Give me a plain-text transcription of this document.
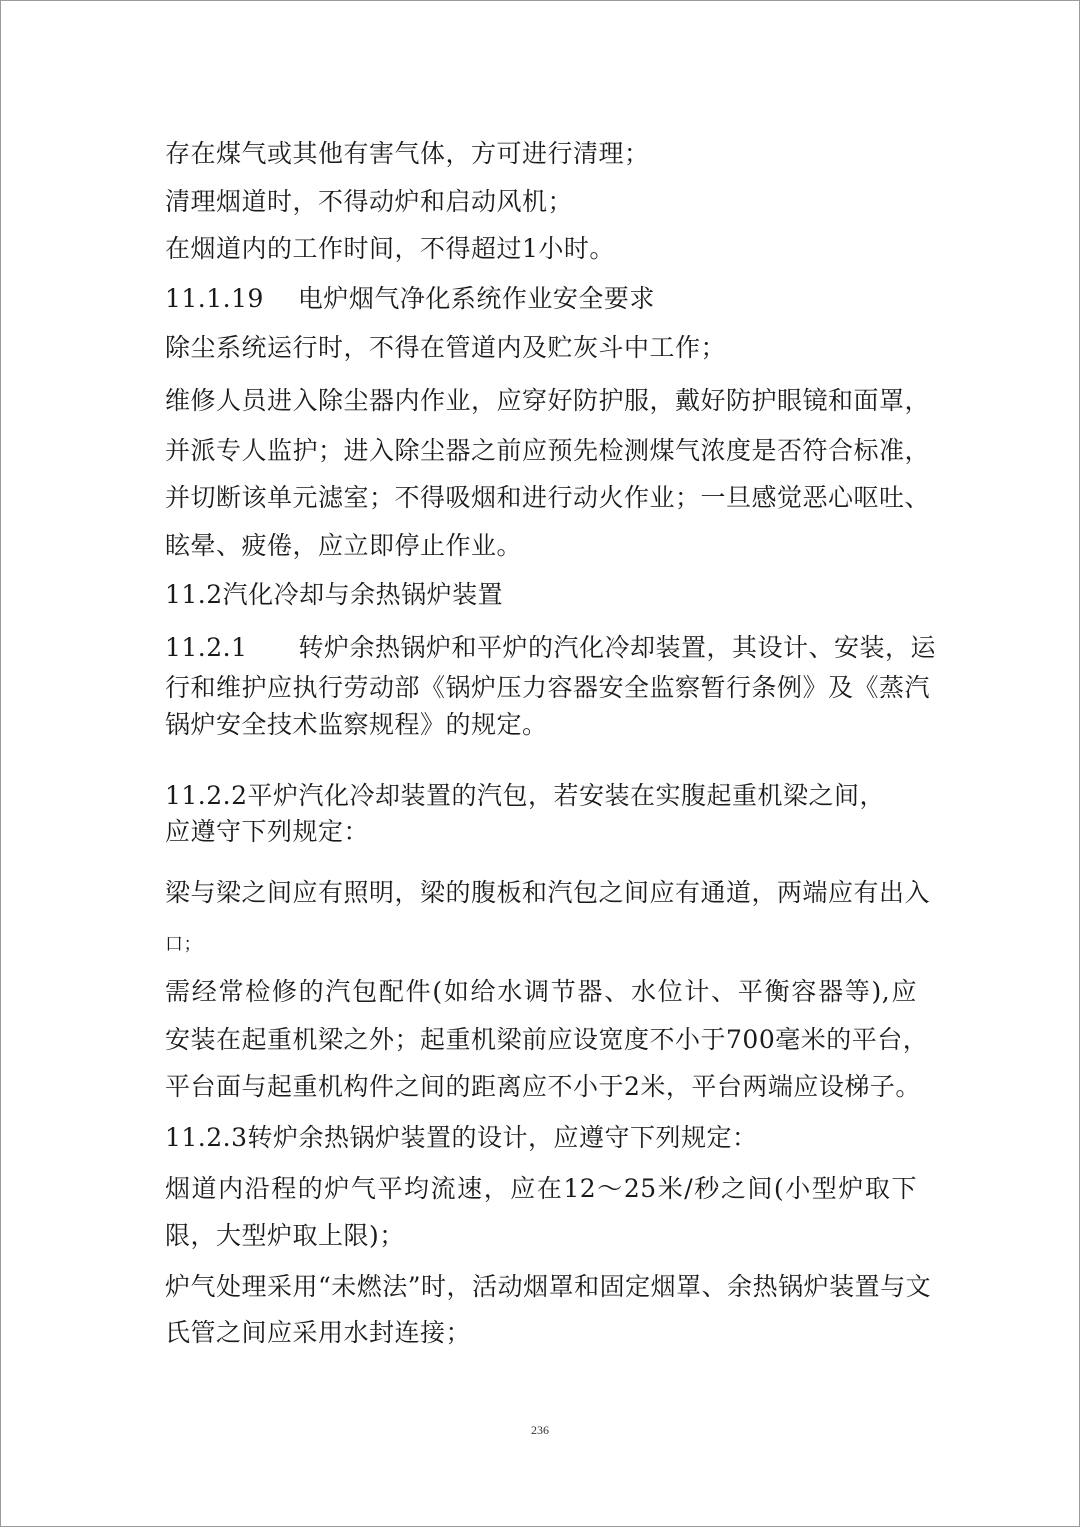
存在煤气或其他有害气体，方可进行清理；
清理烟道时，不得动炉和启动风机；
在烟道内的工作时间，不得超过1小时。
11.1.19　 电炉烟气净化系统作业安全要求
除尘系统运行时，不得在管道内及贮灰斗中工作；
维修人员进入除尘器内作业，应穿好防护服，戴好防护眼镜和面罩，
并派专人监护；进入除尘器之前应预先检测煤气浓度是否符合标准，
并切断该单元滤室；不得吸烟和进行动火作业；一旦感觉恶心呕吐、
眩晕、疲倦，应立即停止作业。
11.2汽化冷却与余热锅炉装置
11.2.1　　转炉余热锅炉和平炉的汽化冷却装置，其设计、安装，运
行和维护应执行劳动部《锅炉压力容器安全监察暂行条例》及《蒸汽
锅炉安全技术监察规程》的规定。
11.2.2平炉汽化冷却装置的汽包，若安装在实腹起重机梁之间，
应遵守下列规定：
梁与梁之间应有照明，梁的腹板和汽包之间应有通道，两端应有出入
口；
需经常检修的汽包配件(如给水调节器、水位计、平衡容器等),应
安装在起重机梁之外；起重机梁前应设宽度不小于700毫米的平台，
平台面与起重机构件之间的距离应不小于2米，平台两端应设梯子。
11.2.3转炉余热锅炉装置的设计，应遵守下列规定：
烟道内沿程的炉气平均流速，应在12～25米/秒之间(小型炉取下
限，大型炉取上限)；
炉气处理采用“未燃法”时，活动烟罩和固定烟罩、余热锅炉装置与文
氏管之间应采用水封连接；
236
